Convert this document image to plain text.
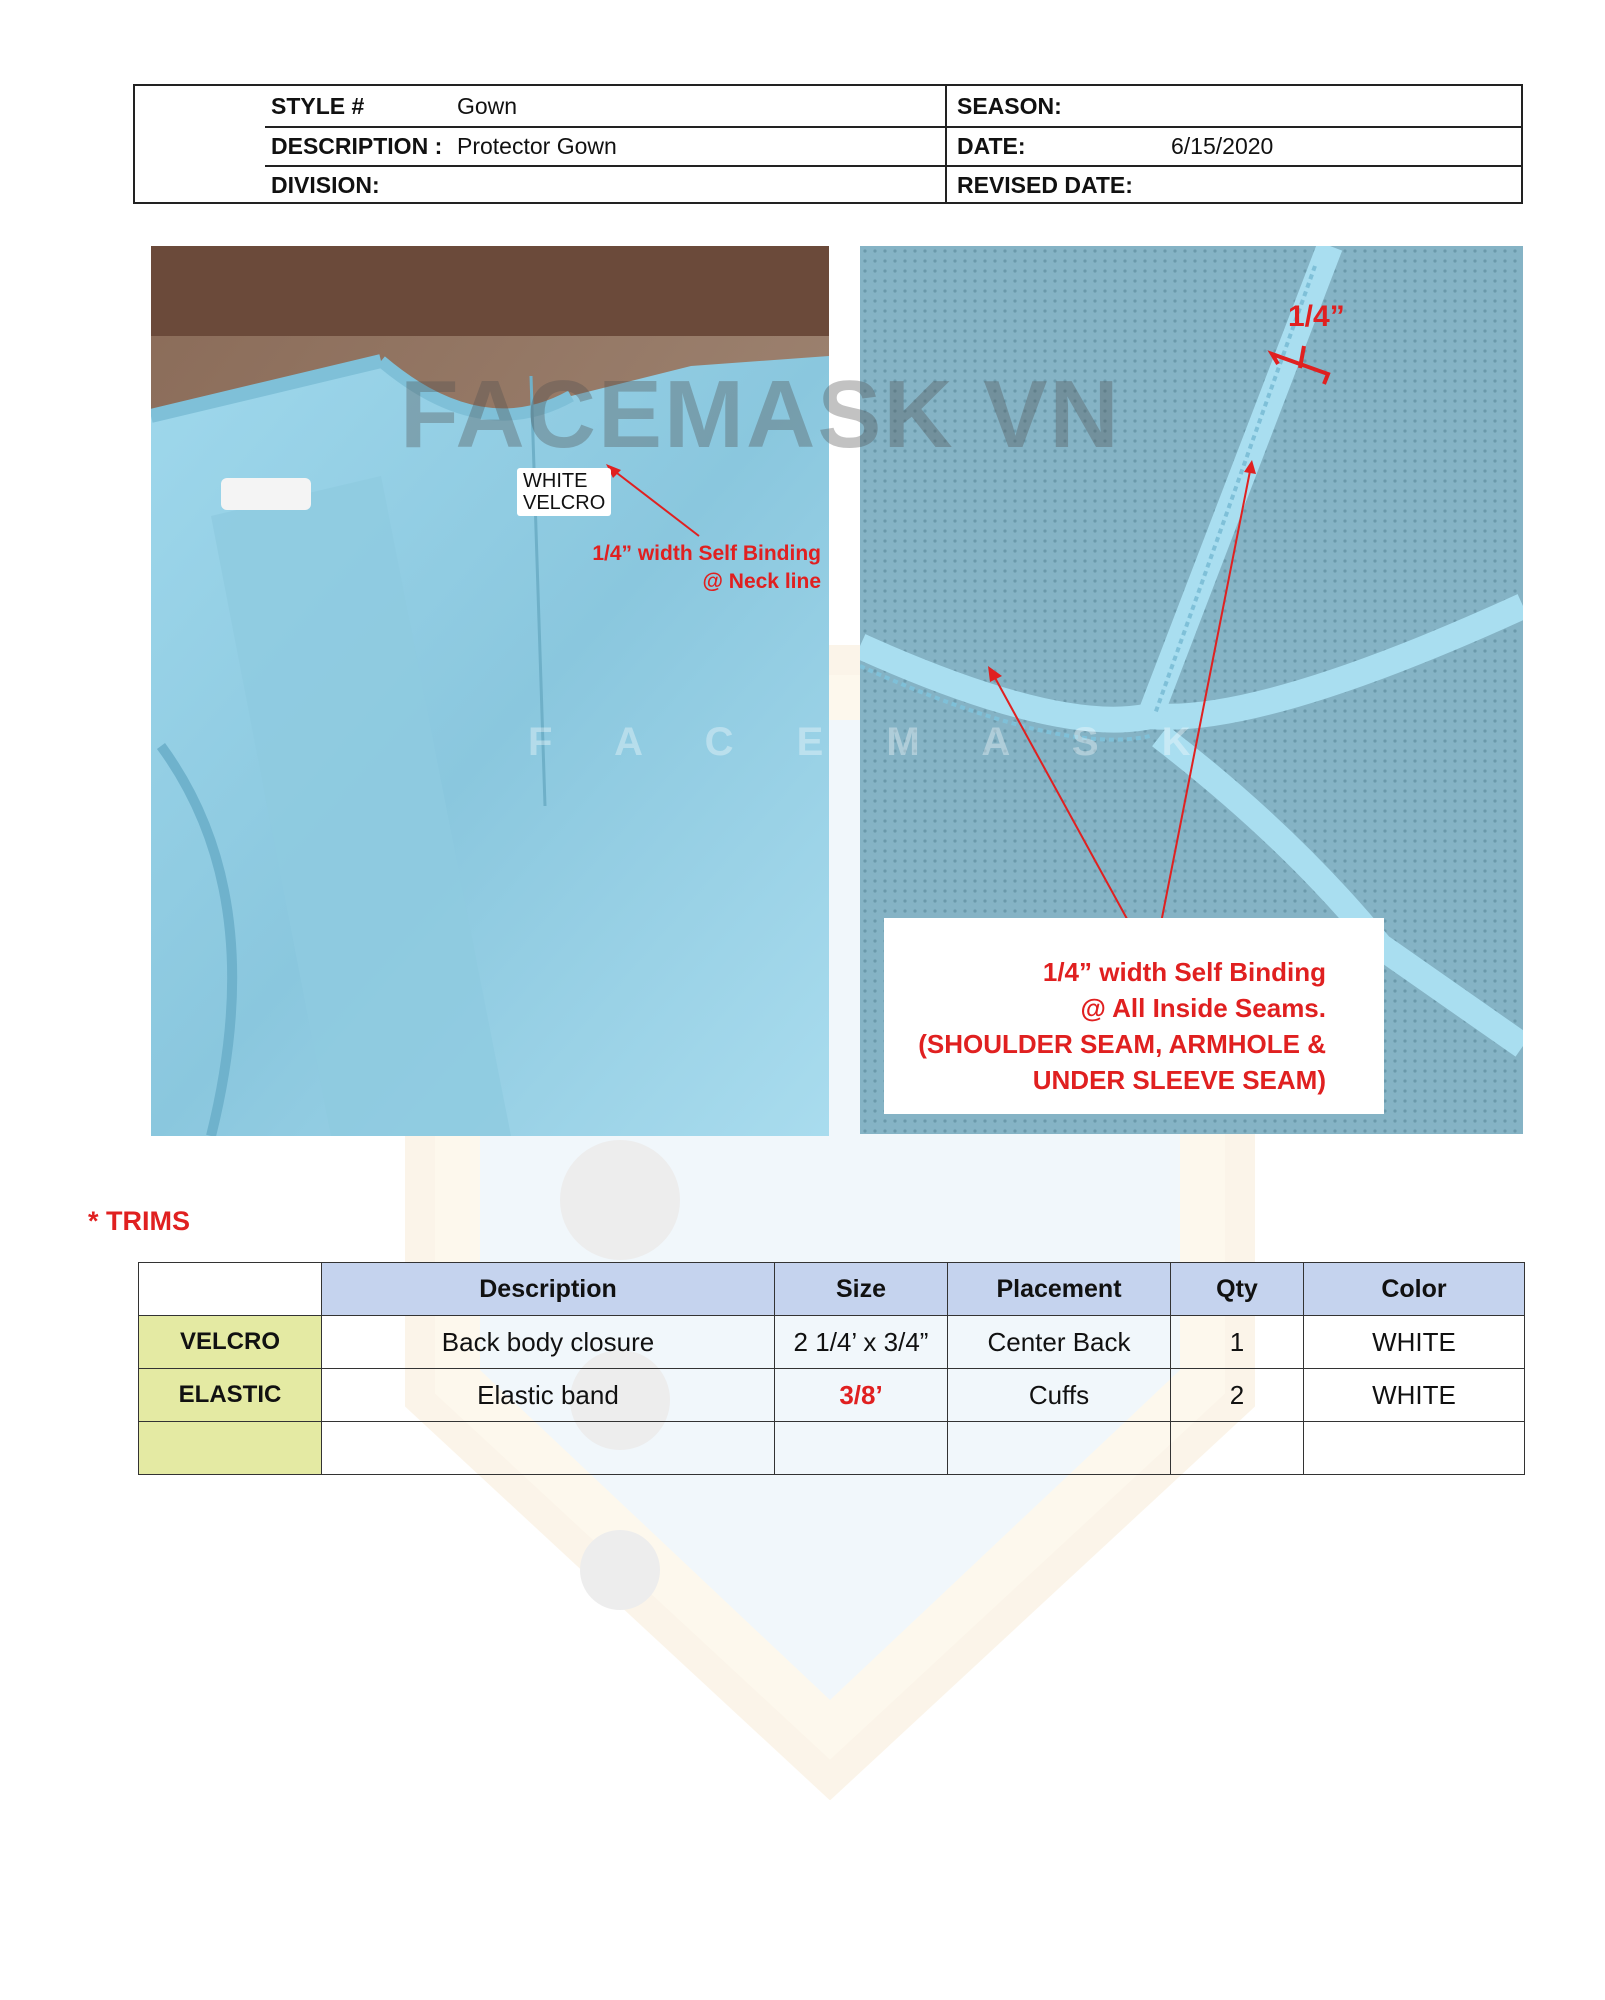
STYLE #	Gown
DESCRIPTION : Protector Gown
DIVISION:
SEASON:
DATE:	6/15/2020
REVISED DATE:
WHITE
VELCRO
1/4” width Self Binding
@ Neck line
1/4”
1/4” width Self Binding
@ All Inside Seams.
(SHOULDER SEAM, ARMHOLE &
UNDER SLEEVE SEAM)
FACEMASK VN
F A C E M A S K
* TRIMS
	Description	Size	Placement	Qty	Color
VELCRO	Back body closure	2 1/4’ x 3/4”	Center Back	1	WHITE
ELASTIC	Elastic band	3/8’	Cuffs	2	WHITE
